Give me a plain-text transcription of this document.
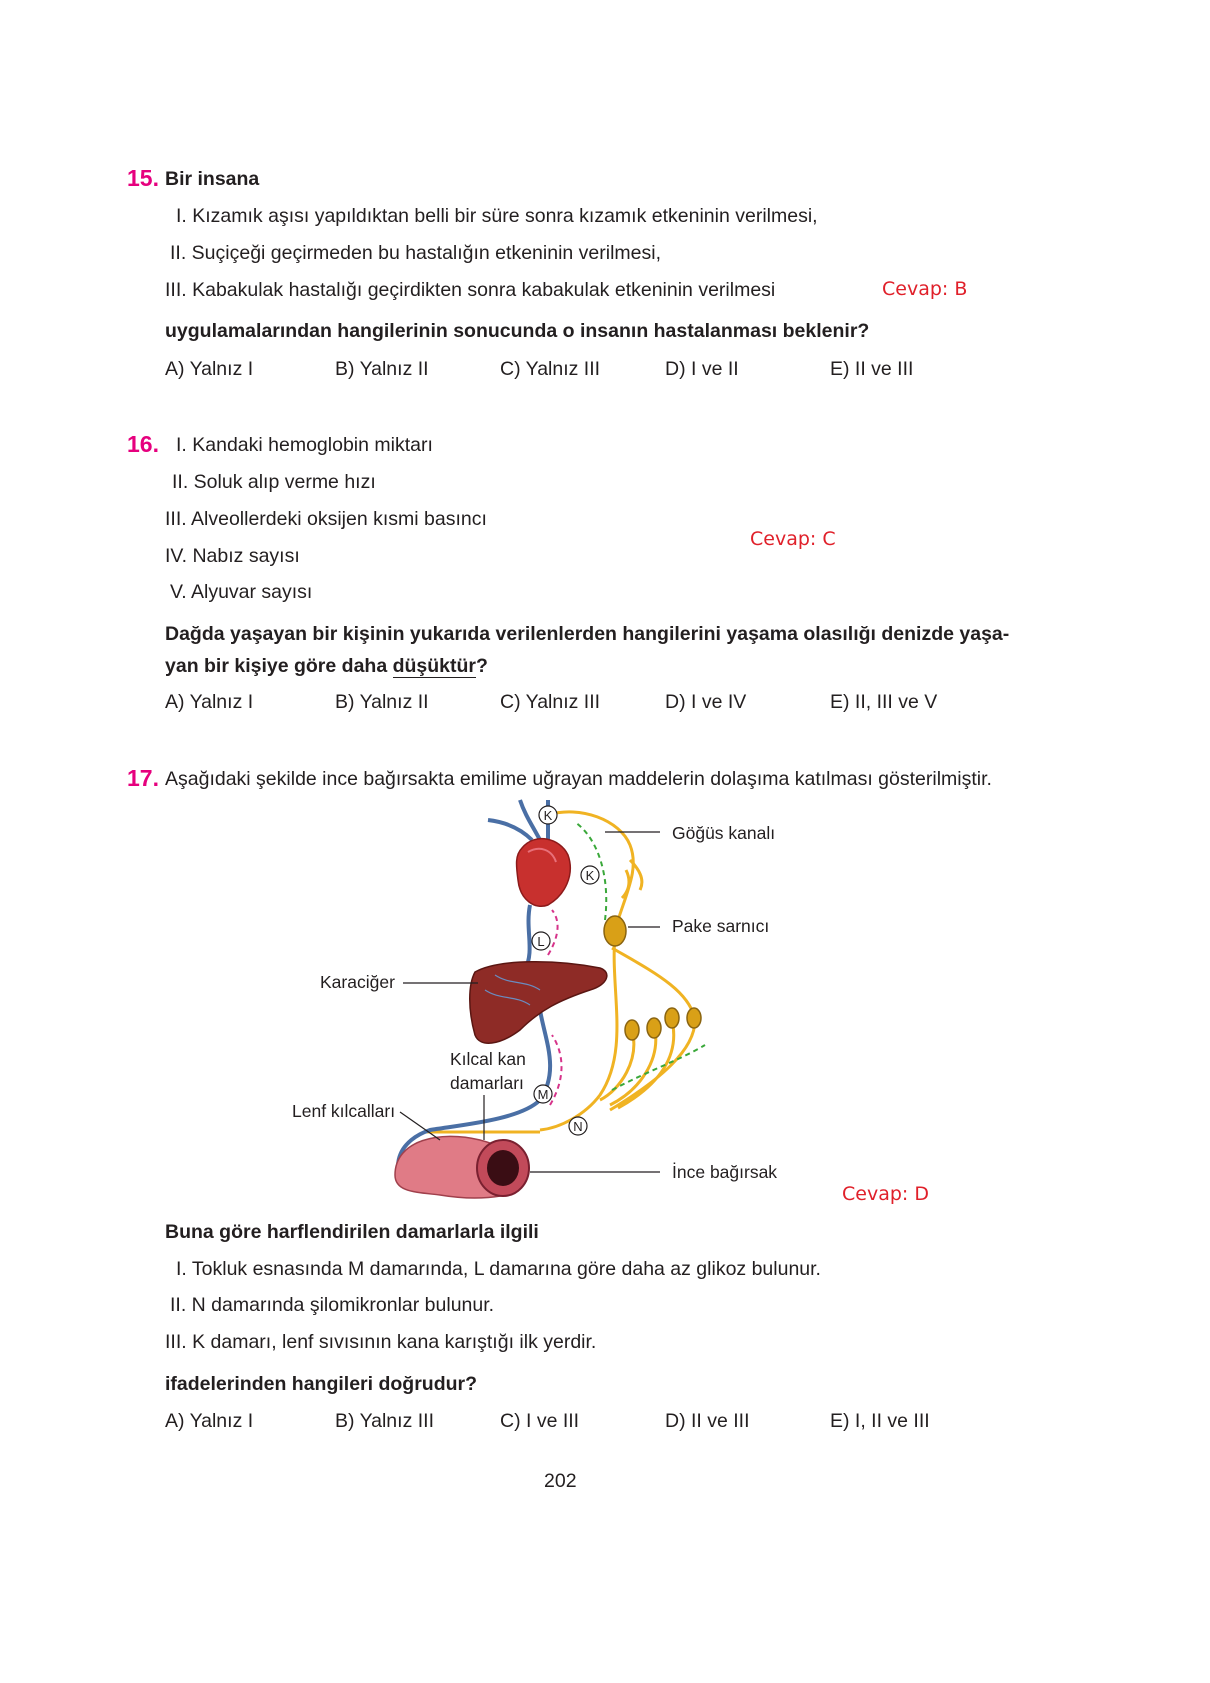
15. Bir insana
I. Kızamık aşısı yapıldıktan belli bir süre sonra kızamık etkeninin verilmesi,
II. Suçiçeği geçirmeden bu hastalığın etkeninin verilmesi,
III. Kabakulak hastalığı geçirdikten sonra kabakulak etkeninin verilmesi	Cevap: B
uygulamalarından hangilerinin sonucunda o insanın hastalanması beklenir?
A) Yalnız I	B) Yalnız II	C) Yalnız III	D) I ve II	E) II ve III
16. I. Kandaki hemoglobin miktarı
II. Soluk alıp verme hızı
III. Alveollerdeki oksijen kısmi basıncı
IV. Nabız sayısı
V. Alyuvar sayısı
Cevap: C
Dağda yaşayan bir kişinin yukarıda verilenlerden hangilerini yaşama olasılığı denizde yaşa-
yan bir kişiye göre daha düşüktür?
A) Yalnız I	B) Yalnız II	C) Yalnız III	D) I ve IV	E) II, III ve V
17. Aşağıdaki şekilde ince bağırsakta emilime uğrayan maddelerin dolaşıma katılması gösterilmiştir.
K
K
L
M
N
Göğüs kanalı
Pake sarnıcı
Karaciğer
Kılcal kan
damarları
Lenf kılcalları
İnce bağırsak
Cevap: D
Buna göre harflendirilen damarlarla ilgili
I. Tokluk esnasında M damarında, L damarına göre daha az glikoz bulunur.
II. N damarında şilomikronlar bulunur.
III. K damarı, lenf sıvısının kana karıştığı ilk yerdir.
ifadelerinden hangileri doğrudur?
A) Yalnız I	B) Yalnız III	C) I ve III	D) II ve III	E) I, II ve III
202
